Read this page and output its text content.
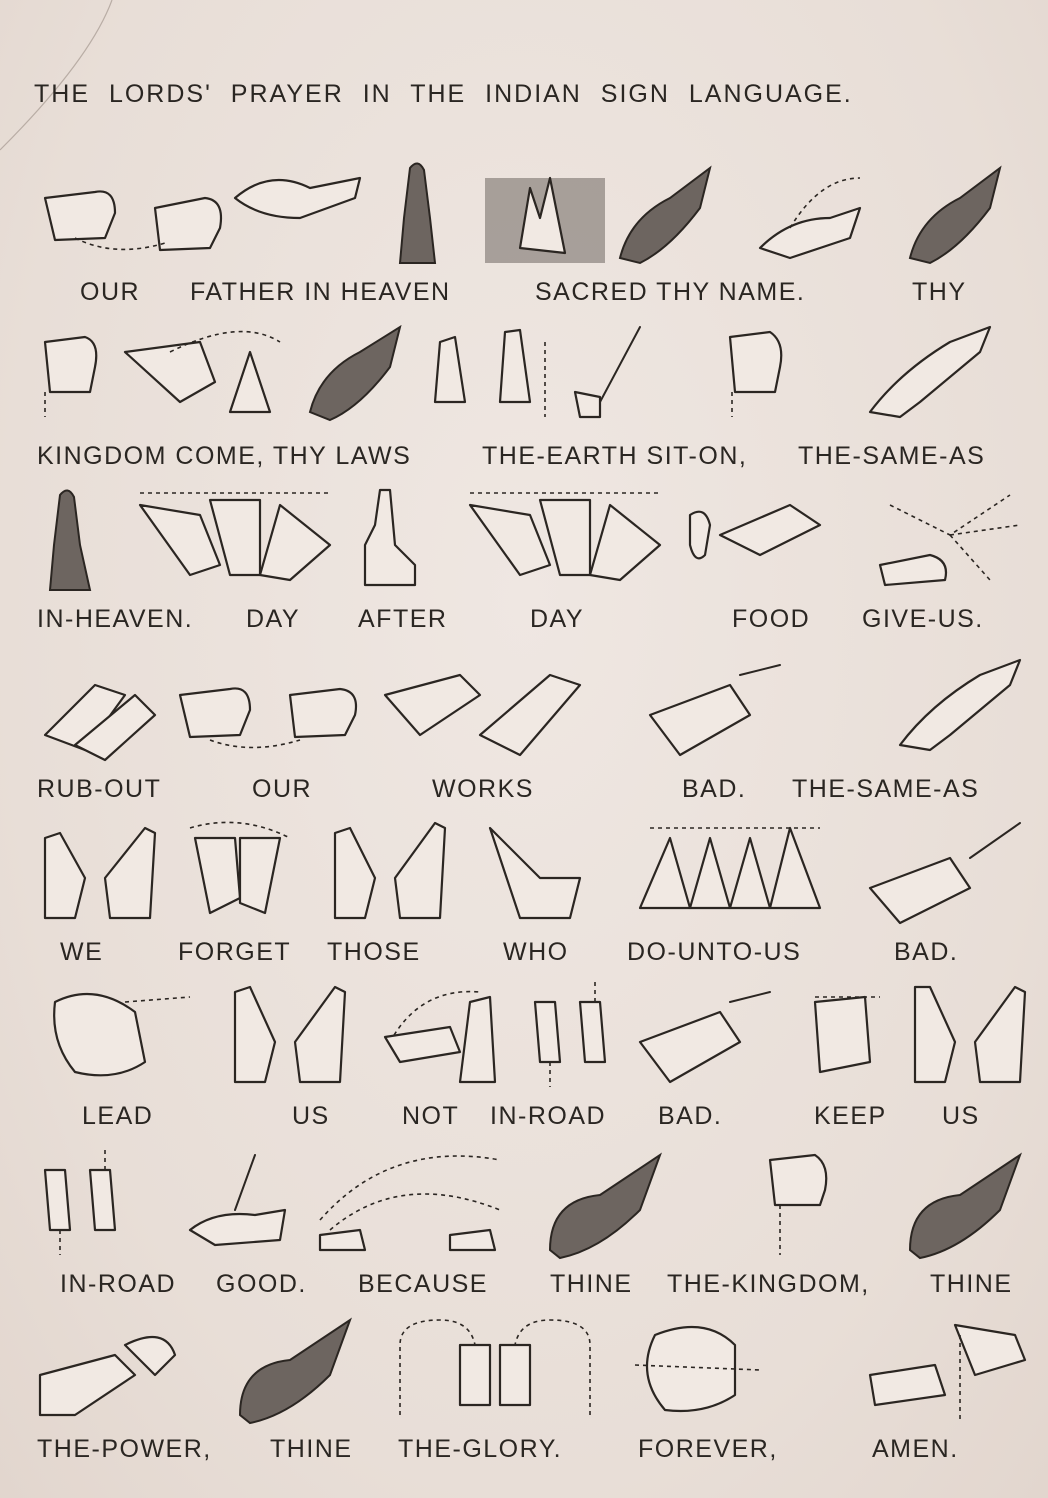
THE LORDS' PRAYER IN THE INDIAN SIGN LANGUAGE.
OUR FATHER IN HEAVEN	SACRED THY NAME.	THY
KINGDOM COME, THY LAWS	THE-EARTH SIT-ON, THE-SAME-AS
IN-HEAVEN. DAY AFTER	DAY	FOOD GIVE-US.
RUB-OUT	OUR	WORKS	BAD. THE-SAME-AS
WE	FORGET THOSE	WHO DO-UNTO-US	BAD.
LEAD	US	NOT IN-ROAD BAD.	KEEP US
IN-ROAD GOOD. BECAUSE THINE THE-KINGDOM, THINE
THE-POWER, THINE THE-GLORY.	FOREVER,	AMEN.
